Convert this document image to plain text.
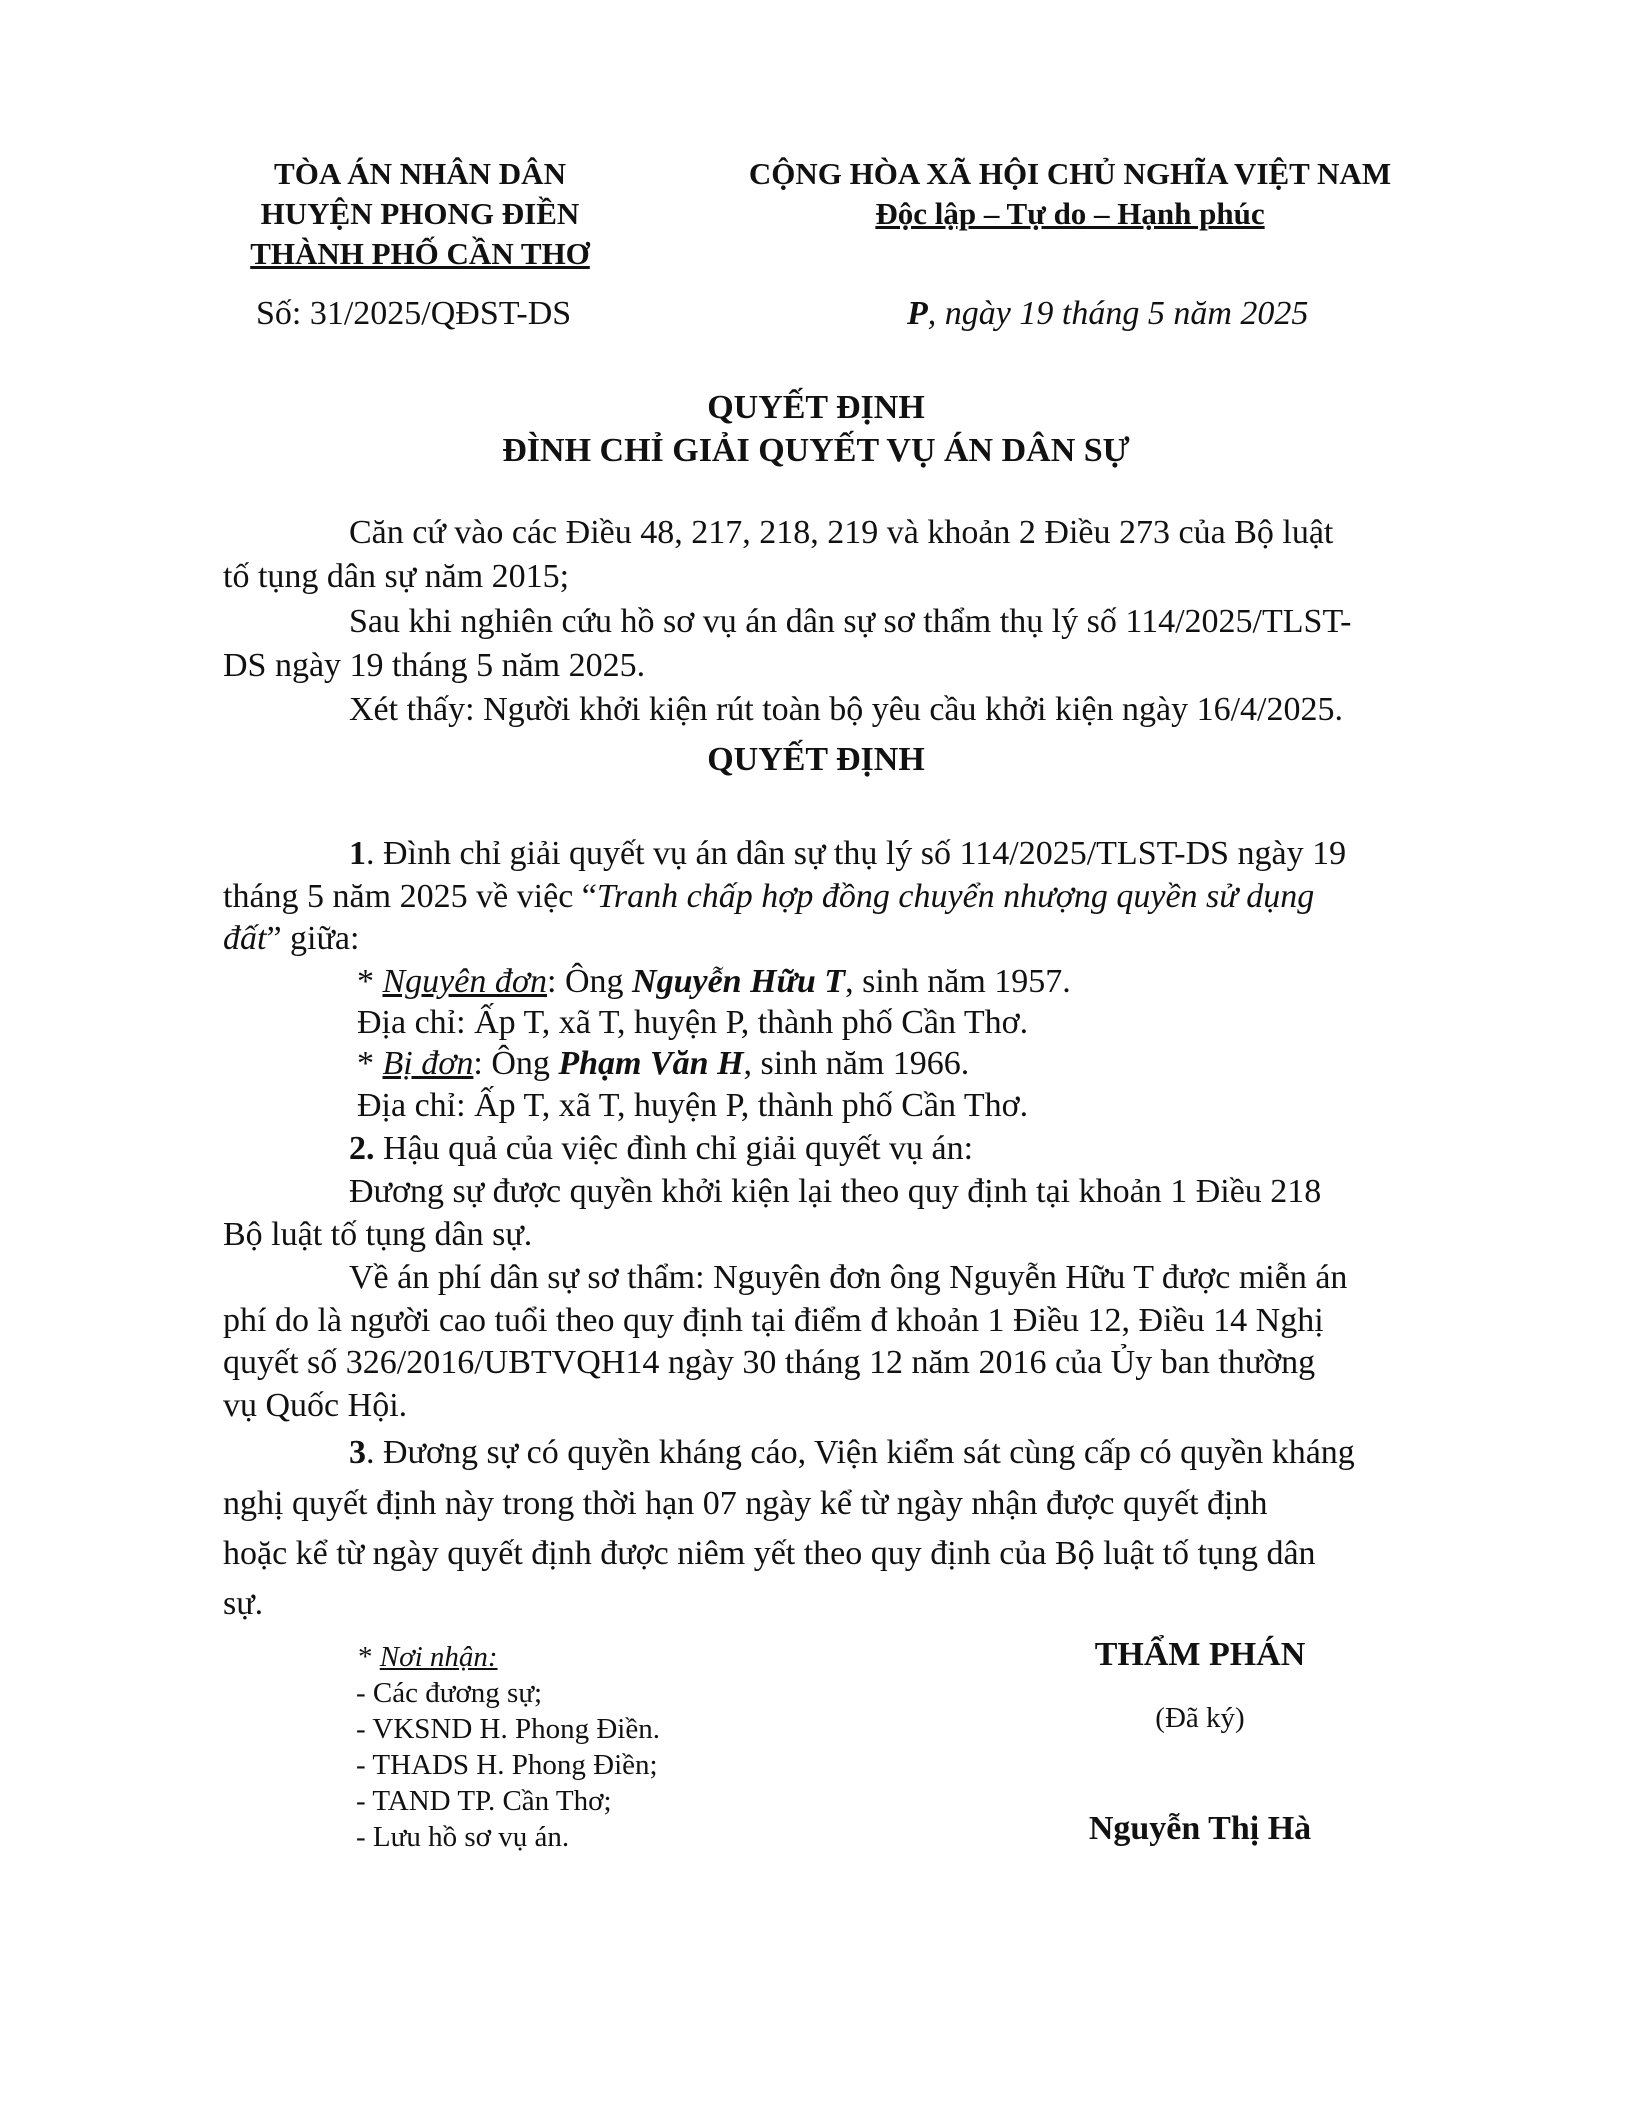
TÒA ÁN NHÂN DÂN
HUYỆN PHONG ĐIỀN
THÀNH PHỐ CẦN THƠ
Số: 31/2025/QĐST-DS
CỘNG HÒA XÃ HỘI CHỦ NGHĨA VIỆT NAM
Độc lập – Tự do – Hạnh phúc
P, ngày 19 tháng 5 năm 2025
QUYẾT ĐỊNH
ĐÌNH CHỈ GIẢI QUYẾT VỤ ÁN DÂN SỰ
Căn cứ vào các Điều 48, 217, 218, 219 và khoản 2 Điều 273 của Bộ luật
tố tụng dân sự năm 2015;
Sau khi nghiên cứu hồ sơ vụ án dân sự sơ thẩm thụ lý số 114/2025/TLST-
DS ngày 19 tháng 5 năm 2025.
Xét thấy: Người khởi kiện rút toàn bộ yêu cầu khởi kiện ngày 16/4/2025.
QUYẾT ĐỊNH
1. Đình chỉ giải quyết vụ án dân sự thụ lý số 114/2025/TLST-DS ngày 19
tháng 5 năm 2025 về việc “Tranh chấp hợp đồng chuyển nhượng quyền sử dụng
đất” giữa:
* Nguyên đơn: Ông Nguyễn Hữu T, sinh năm 1957.
Địa chỉ: Ấp T, xã T, huyện P, thành phố Cần Thơ.
* Bị đơn: Ông Phạm Văn H, sinh năm 1966.
Địa chỉ: Ấp T, xã T, huyện P, thành phố Cần Thơ.
2. Hậu quả của việc đình chỉ giải quyết vụ án:
Đương sự được quyền khởi kiện lại theo quy định tại khoản 1 Điều 218
Bộ luật tố tụng dân sự.
Về án phí dân sự sơ thẩm: Nguyên đơn ông Nguyễn Hữu T được miễn án
phí do là người cao tuổi theo quy định tại điểm đ khoản 1 Điều 12, Điều 14 Nghị
quyết số 326/2016/UBTVQH14 ngày 30 tháng 12 năm 2016 của Ủy ban thường
vụ Quốc Hội.
3. Đương sự có quyền kháng cáo, Viện kiểm sát cùng cấp có quyền kháng
nghị quyết định này trong thời hạn 07 ngày kể từ ngày nhận được quyết định
hoặc kể từ ngày quyết định được niêm yết theo quy định của Bộ luật tố tụng dân
sự.
* Nơi nhận:
- Các đương sự;
- VKSND H. Phong Điền.
- THADS H. Phong Điền;
- TAND TP. Cần Thơ;
- Lưu hồ sơ vụ án.
THẨM PHÁN
(Đã ký)
Nguyễn Thị Hà
